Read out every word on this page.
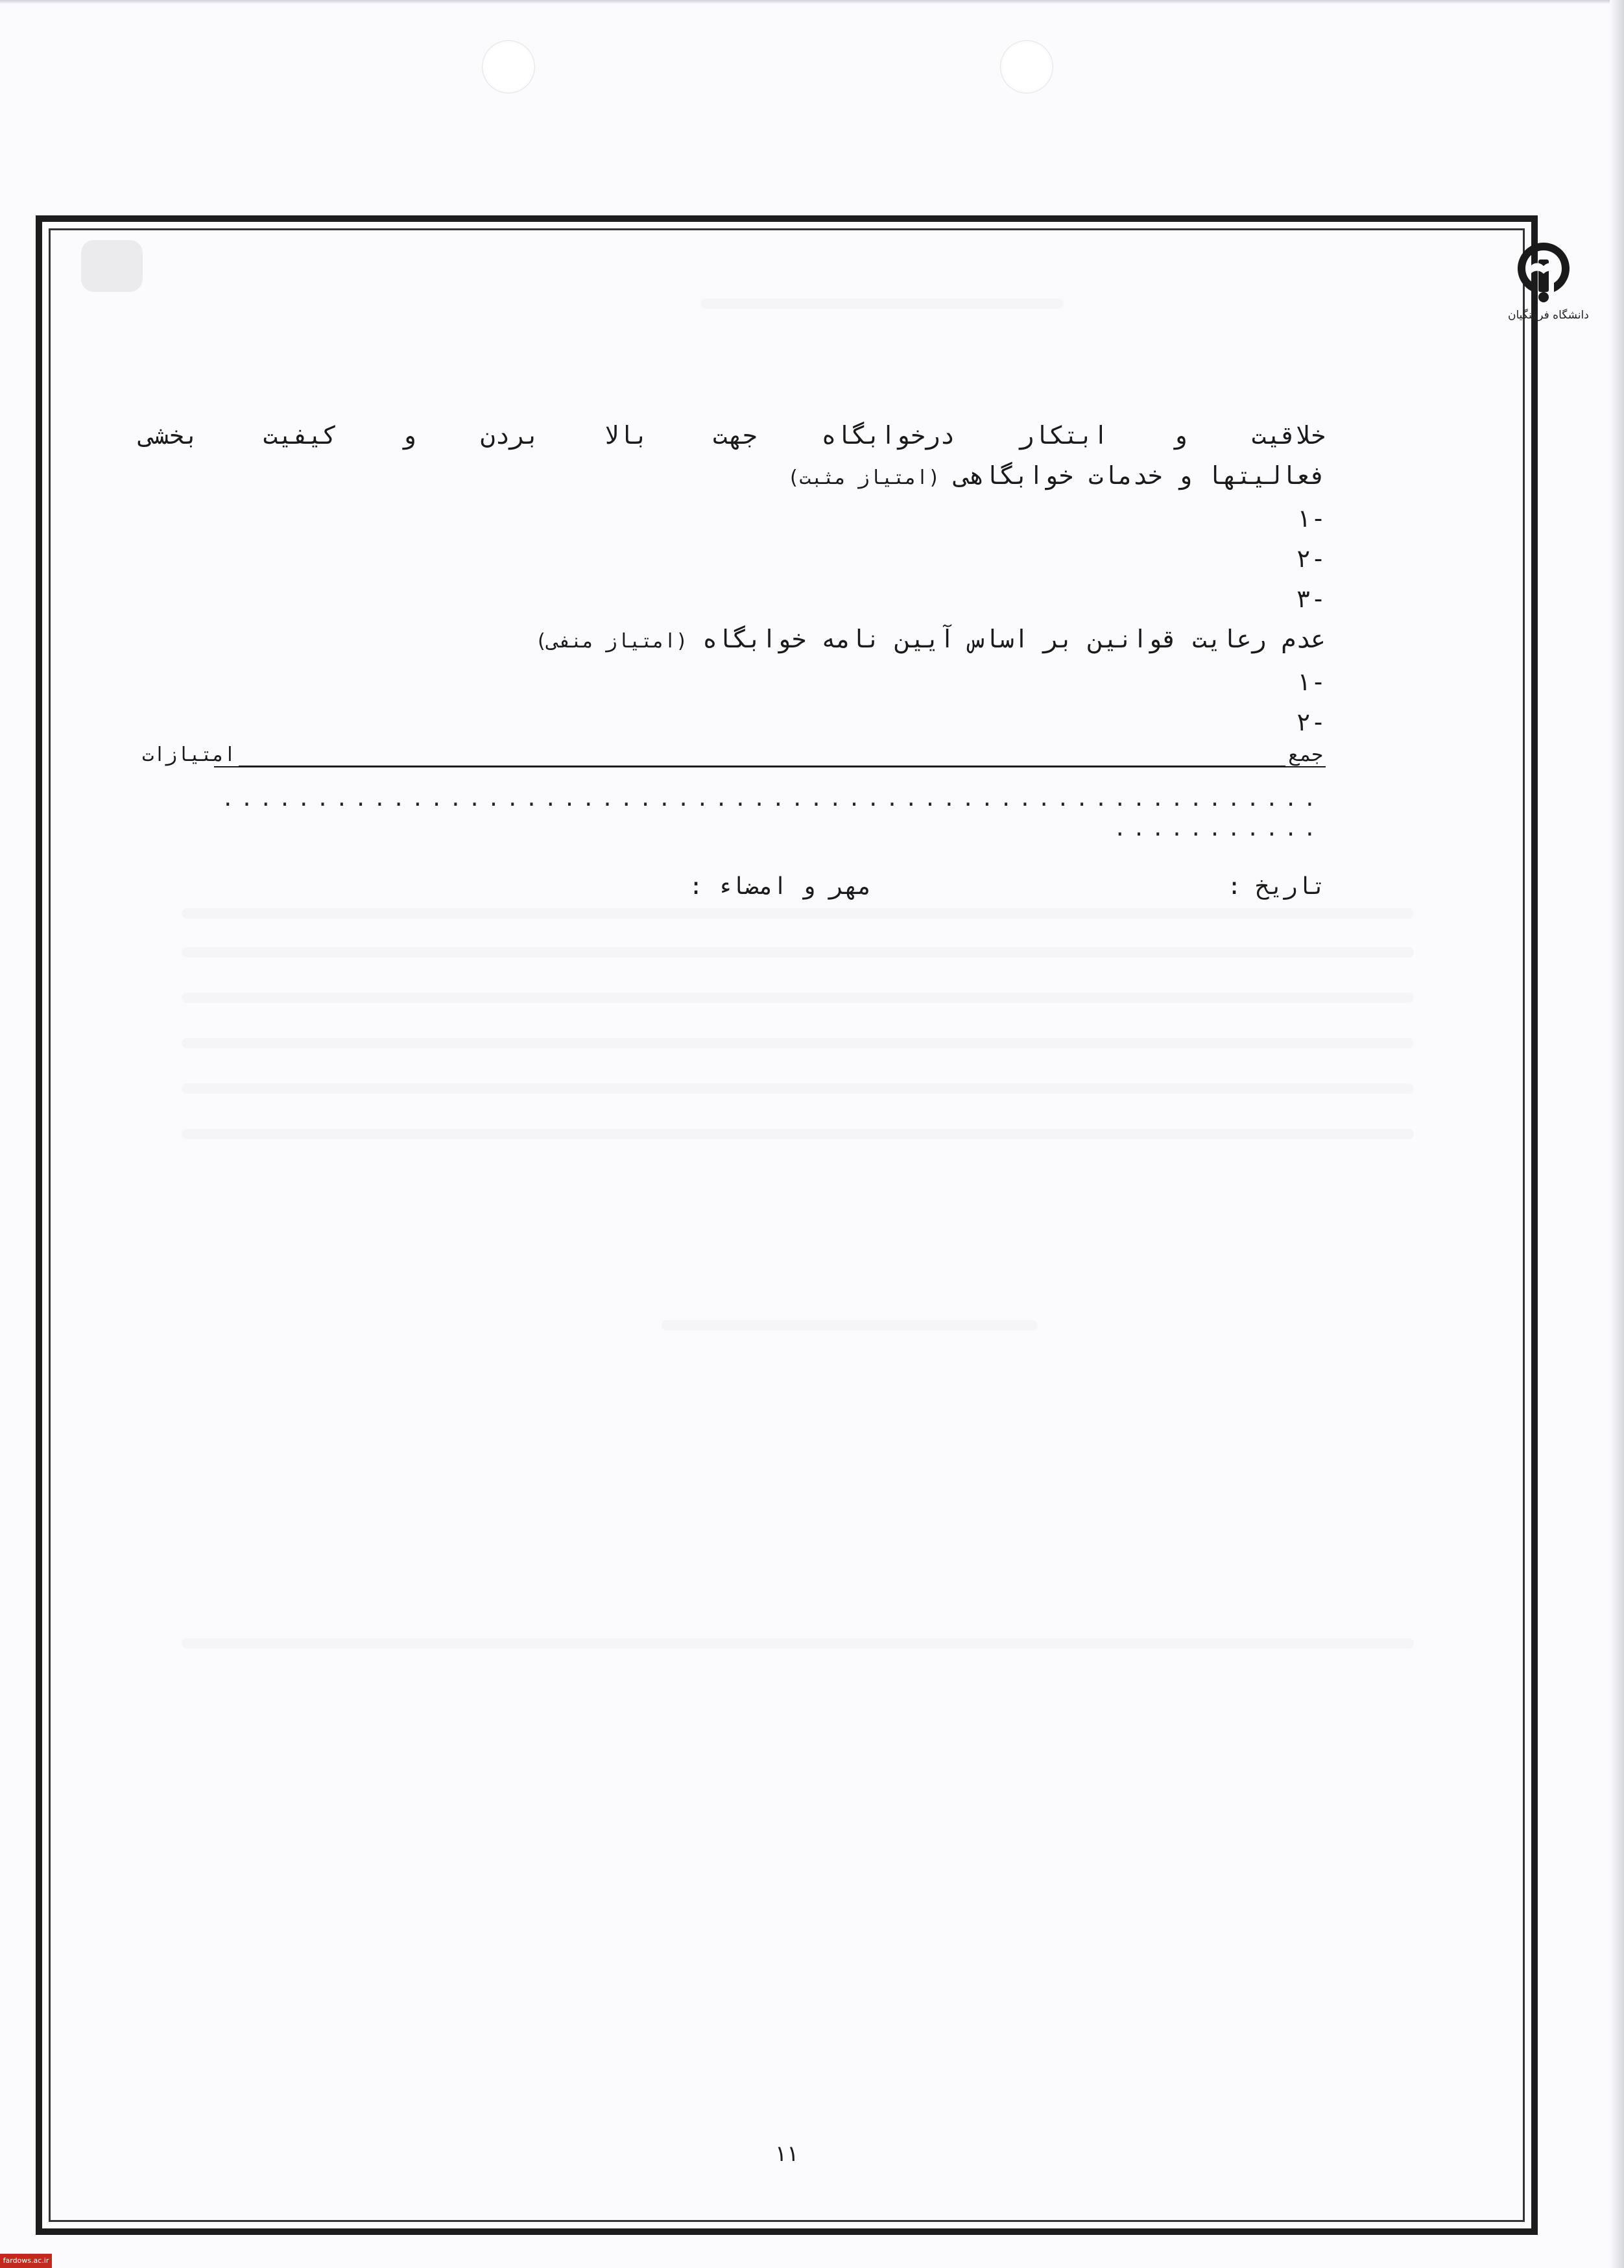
دانشگاه فرهنگیان
خلاقیت و ابتکار درخوابگاه جهت بالا بردن و کیفیت بخشی
فعالیتها و خدمات خوابگاهی (امتیاز مثبت)
-۱
-۲
-۳
عدم رعایت قوانین بر اساس آیین نامه خوابگاه (امتیاز منفی)
-۱
-۲
جمع
امتیازات
..........................................................
...........
تاریخ :
مهر و امضاء :
۱۱
fardows.ac.ir
